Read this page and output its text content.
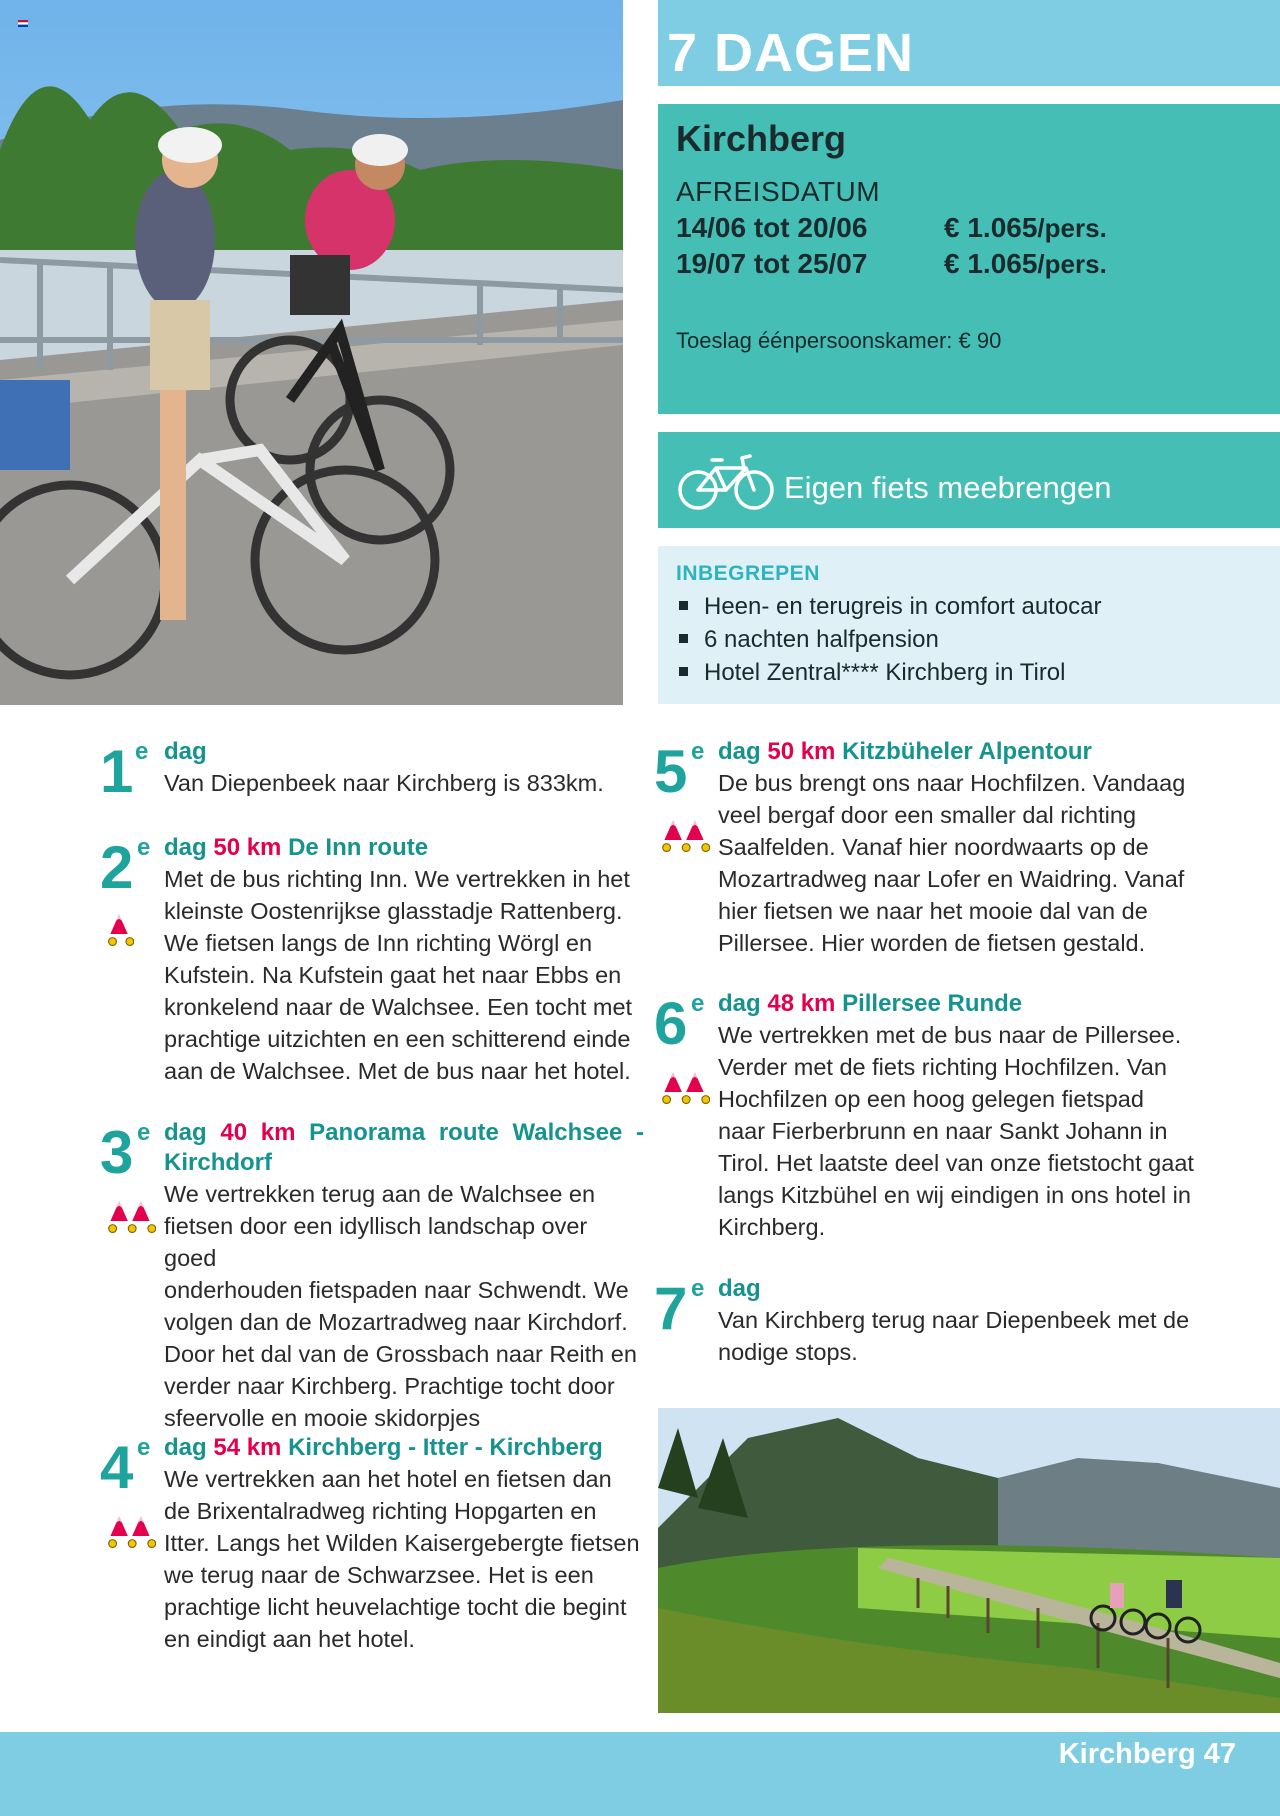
7 DAGEN
Kirchberg
AFREISDATUM
14/06 tot 20/06	€ 1.065/pers.
19/07 tot 25/07	€ 1.065/pers.
Toeslag éénpersoonskamer: € 90
Eigen fiets meebrengen
INBEGREPEN
Heen- en terugreis in comfort autocar
6 nachten halfpension
Hotel Zentral**** Kirchberg in Tirol
1 e dag
Van Diepenbeek naar Kirchberg is 833km.
2 e dag 50 km De Inn route
Met de bus richting Inn. We vertrekken in het
kleinste Oostenrijkse glasstadje Rattenberg.
We fietsen langs de Inn richting Wörgl en
Kufstein. Na Kufstein gaat het naar Ebbs en
kronkelend naar de Walchsee. Een tocht met
prachtige uitzichten en een schitterend einde
aan de Walchsee. Met de bus naar het hotel.
3 e dag 40 km Panorama route Walchsee - Kirchdorf
We vertrekken terug aan de Walchsee en
fietsen door een idyllisch landschap over goed
onderhouden fietspaden naar Schwendt. We
volgen dan de Mozartradweg naar Kirchdorf.
Door het dal van de Grossbach naar Reith en
verder naar Kirchberg. Prachtige tocht door
sfeervolle en mooie skidorpjes
4 e dag 54 km Kirchberg - Itter - Kirchberg
We vertrekken aan het hotel en fietsen dan
de Brixentalradweg richting Hopgarten en
Itter. Langs het Wilden Kaisergebergte fietsen
we terug naar de Schwarzsee. Het is een
prachtige licht heuvelachtige tocht die begint
en eindigt aan het hotel.
5 e dag 50 km Kitzbüheler Alpentour
De bus brengt ons naar Hochfilzen. Vandaag
veel bergaf door een smaller dal richting
Saalfelden. Vanaf hier noordwaarts op de
Mozartradweg naar Lofer en Waidring. Vanaf
hier fietsen we naar het mooie dal van de
Pillersee. Hier worden de fietsen gestald.
6 e dag 48 km Pillersee Runde
We vertrekken met de bus naar de Pillersee.
Verder met de fiets richting Hochfilzen. Van
Hochfilzen op een hoog gelegen fietspad
naar Fierberbrunn en naar Sankt Johann in
Tirol. Het laatste deel van onze fietstocht gaat
langs Kitzbühel en wij eindigen in ons hotel in
Kirchberg.
7 e dag
Van Kirchberg terug naar Diepenbeek met de
nodige stops.
Kirchberg 47
